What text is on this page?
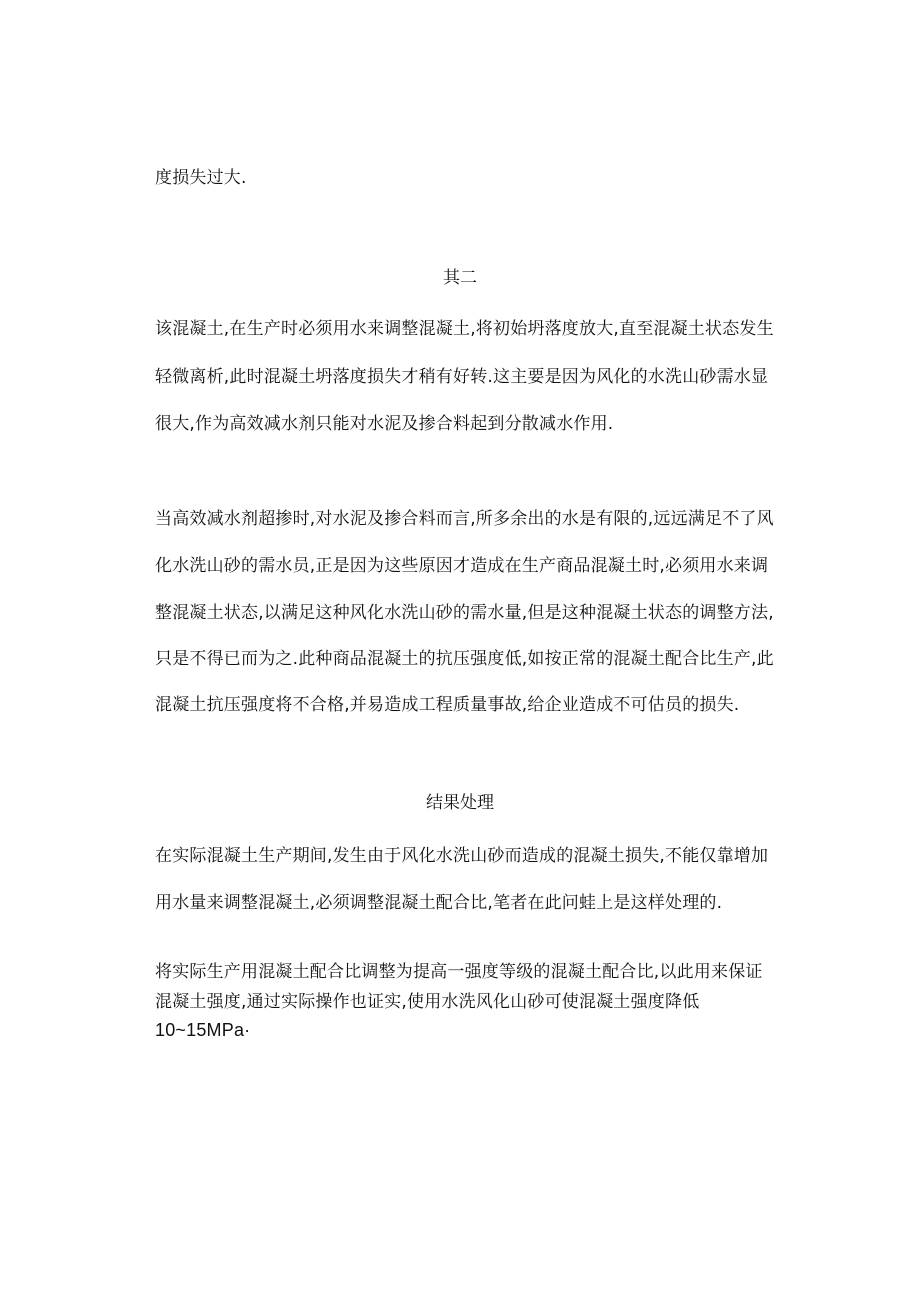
度损失过大.

其二

该混凝土,在生产时必须用水来调整混凝土,将初始坍落度放大,直至混凝土状态发生

轻微离析,此时混凝土坍落度损失才稍有好转.这主要是因为风化的水洗山砂需水显

很大,作为高效减水剂只能对水泥及掺合料起到分散减水作用.

当高效减水剂超掺时,对水泥及掺合料而言,所多余出的水是有限的,远远满足不了风

化水洗山砂的需水员,正是因为这些原因才造成在生产商品混凝土时,必须用水来调

整混凝土状态,以满足这种风化水洗山砂的需水量,但是这种混凝土状态的调整方法,

只是不得已而为之.此种商品混凝土的抗压强度低,如按正常的混凝土配合比生产,此

混凝土抗压强度将不合格,并易造成工程质量事故,给企业造成不可估员的损失.

结果处理

在实际混凝土生产期间,发生由于风化水洗山砂而造成的混凝土损失,不能仅靠增加

用水量来调整混凝土,必须调整混凝土配合比,笔者在此问蛙上是这样处理的.

将实际生产用混凝土配合比调整为提高一强度等级的混凝土配合比,以此用来保证

混凝土强度,通过实际操作也证实,使用水洗风化山砂可使混凝土强度降低

10~15MPa·
